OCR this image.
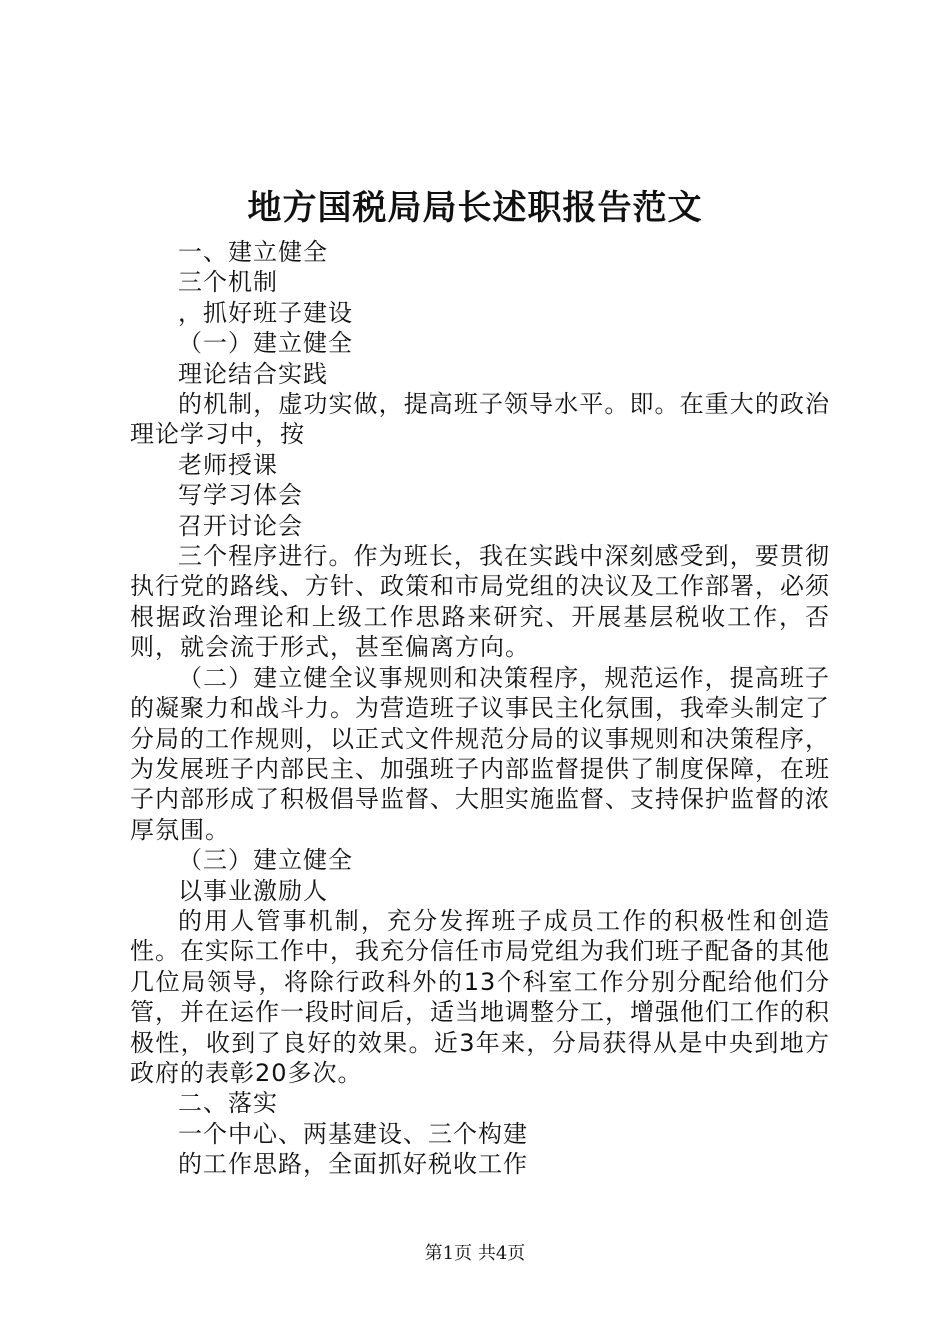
地方国税局局长述职报告范文

一、建立健全

三个机制

，抓好班子建设

（一）建立健全

理论结合实践

的机制，虚功实做，提高班子领导水平。即。在重大的政治理论学习中，按

老师授课

写学习体会

召开讨论会

三个程序进行。作为班长，我在实践中深刻感受到，要贯彻执行党的路线、方针、政策和市局党组的决议及工作部署，必须根据政治理论和上级工作思路来研究、开展基层税收工作，否则，就会流于形式，甚至偏离方向。

（二）建立健全议事规则和决策程序，规范运作，提高班子的凝聚力和战斗力。为营造班子议事民主化氛围，我牵头制定了分局的工作规则，以正式文件规范分局的议事规则和决策程序，为发展班子内部民主、加强班子内部监督提供了制度保障，在班子内部形成了积极倡导监督、大胆实施监督、支持保护监督的浓厚氛围。

（三）建立健全

以事业激励人

的用人管事机制，充分发挥班子成员工作的积极性和创造性。在实际工作中，我充分信任市局党组为我们班子配备的其他几位局领导，将除行政科外的13个科室工作分别分配给他们分管，并在运作一段时间后，适当地调整分工，增强他们工作的积极性，收到了良好的效果。近3年来，分局获得从是中央到地方政府的表彰20多次。

二、落实

一个中心、两基建设、三个构建

的工作思路，全面抓好税收工作

第1页 共4页
